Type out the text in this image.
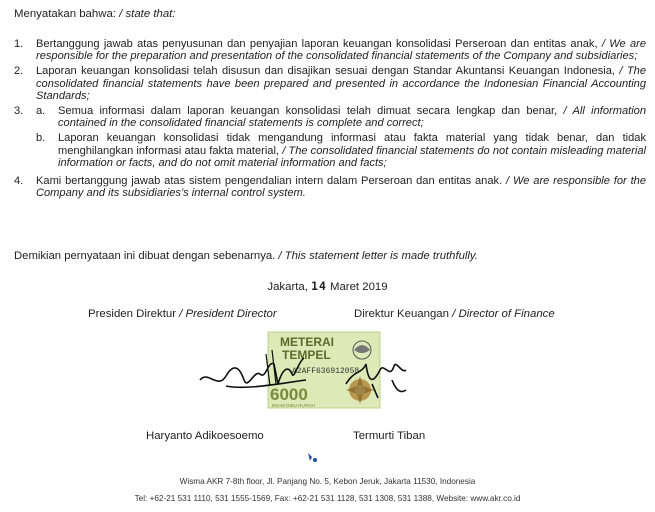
Menyatakan bahwa: / state that:
1.	Bertanggung jawab atas penyusunan dan penyajian laporan keuangan konsolidasi Perseroan dan entitas anak, / We are responsible for the preparation and presentation of the consolidated financial statements of the Company and subsidiaries;
2.	Laporan keuangan konsolidasi telah disusun dan disajikan sesuai dengan Standar Akuntansi Keuangan Indonesia, / The consolidated financial statements have been prepared and presented in accordance the Indonesian Financial Accounting Standards;
3.	a.	Semua informasi dalam laporan keuangan konsolidasi telah dimuat secara lengkap dan benar, / All information contained in the consolidated financial statements is complete and correct;
b.	Laporan keuangan konsolidasi tidak mengandung informasi atau fakta material yang tidak benar, dan tidak menghilangkan informasi atau fakta material, / The consolidated financial statements do not contain misleading material information or facts, and do not omit material information and facts;
4.	Kami bertanggung jawab atas sistem pengendalian intern dalam Perseroan dan entitas anak. / We are responsible for the Company and its subsidiaries’s internal control system.
Demikian pernyataan ini dibuat dengan sebenarnya. / This statement letter is made truthfully.
Jakarta, 14 Maret 2019
Presiden Direktur / President Director	Direktur Keuangan / Director of Finance
METERAI
TEMPEL
A2AFF636912058
6000
ENAM RIBU RUPIAH
Haryanto Adikoesoemo	Termurti Tiban
Wisma AKR 7-8th floor, Jl. Panjang No. 5, Kebon Jeruk, Jakarta 11530, Indonesia
Tel: +62-21 531 1110, 531 1555-1569, Fax: +62-21 531 1128, 531 1308, 531 1388, Website: www.akr.co.id
